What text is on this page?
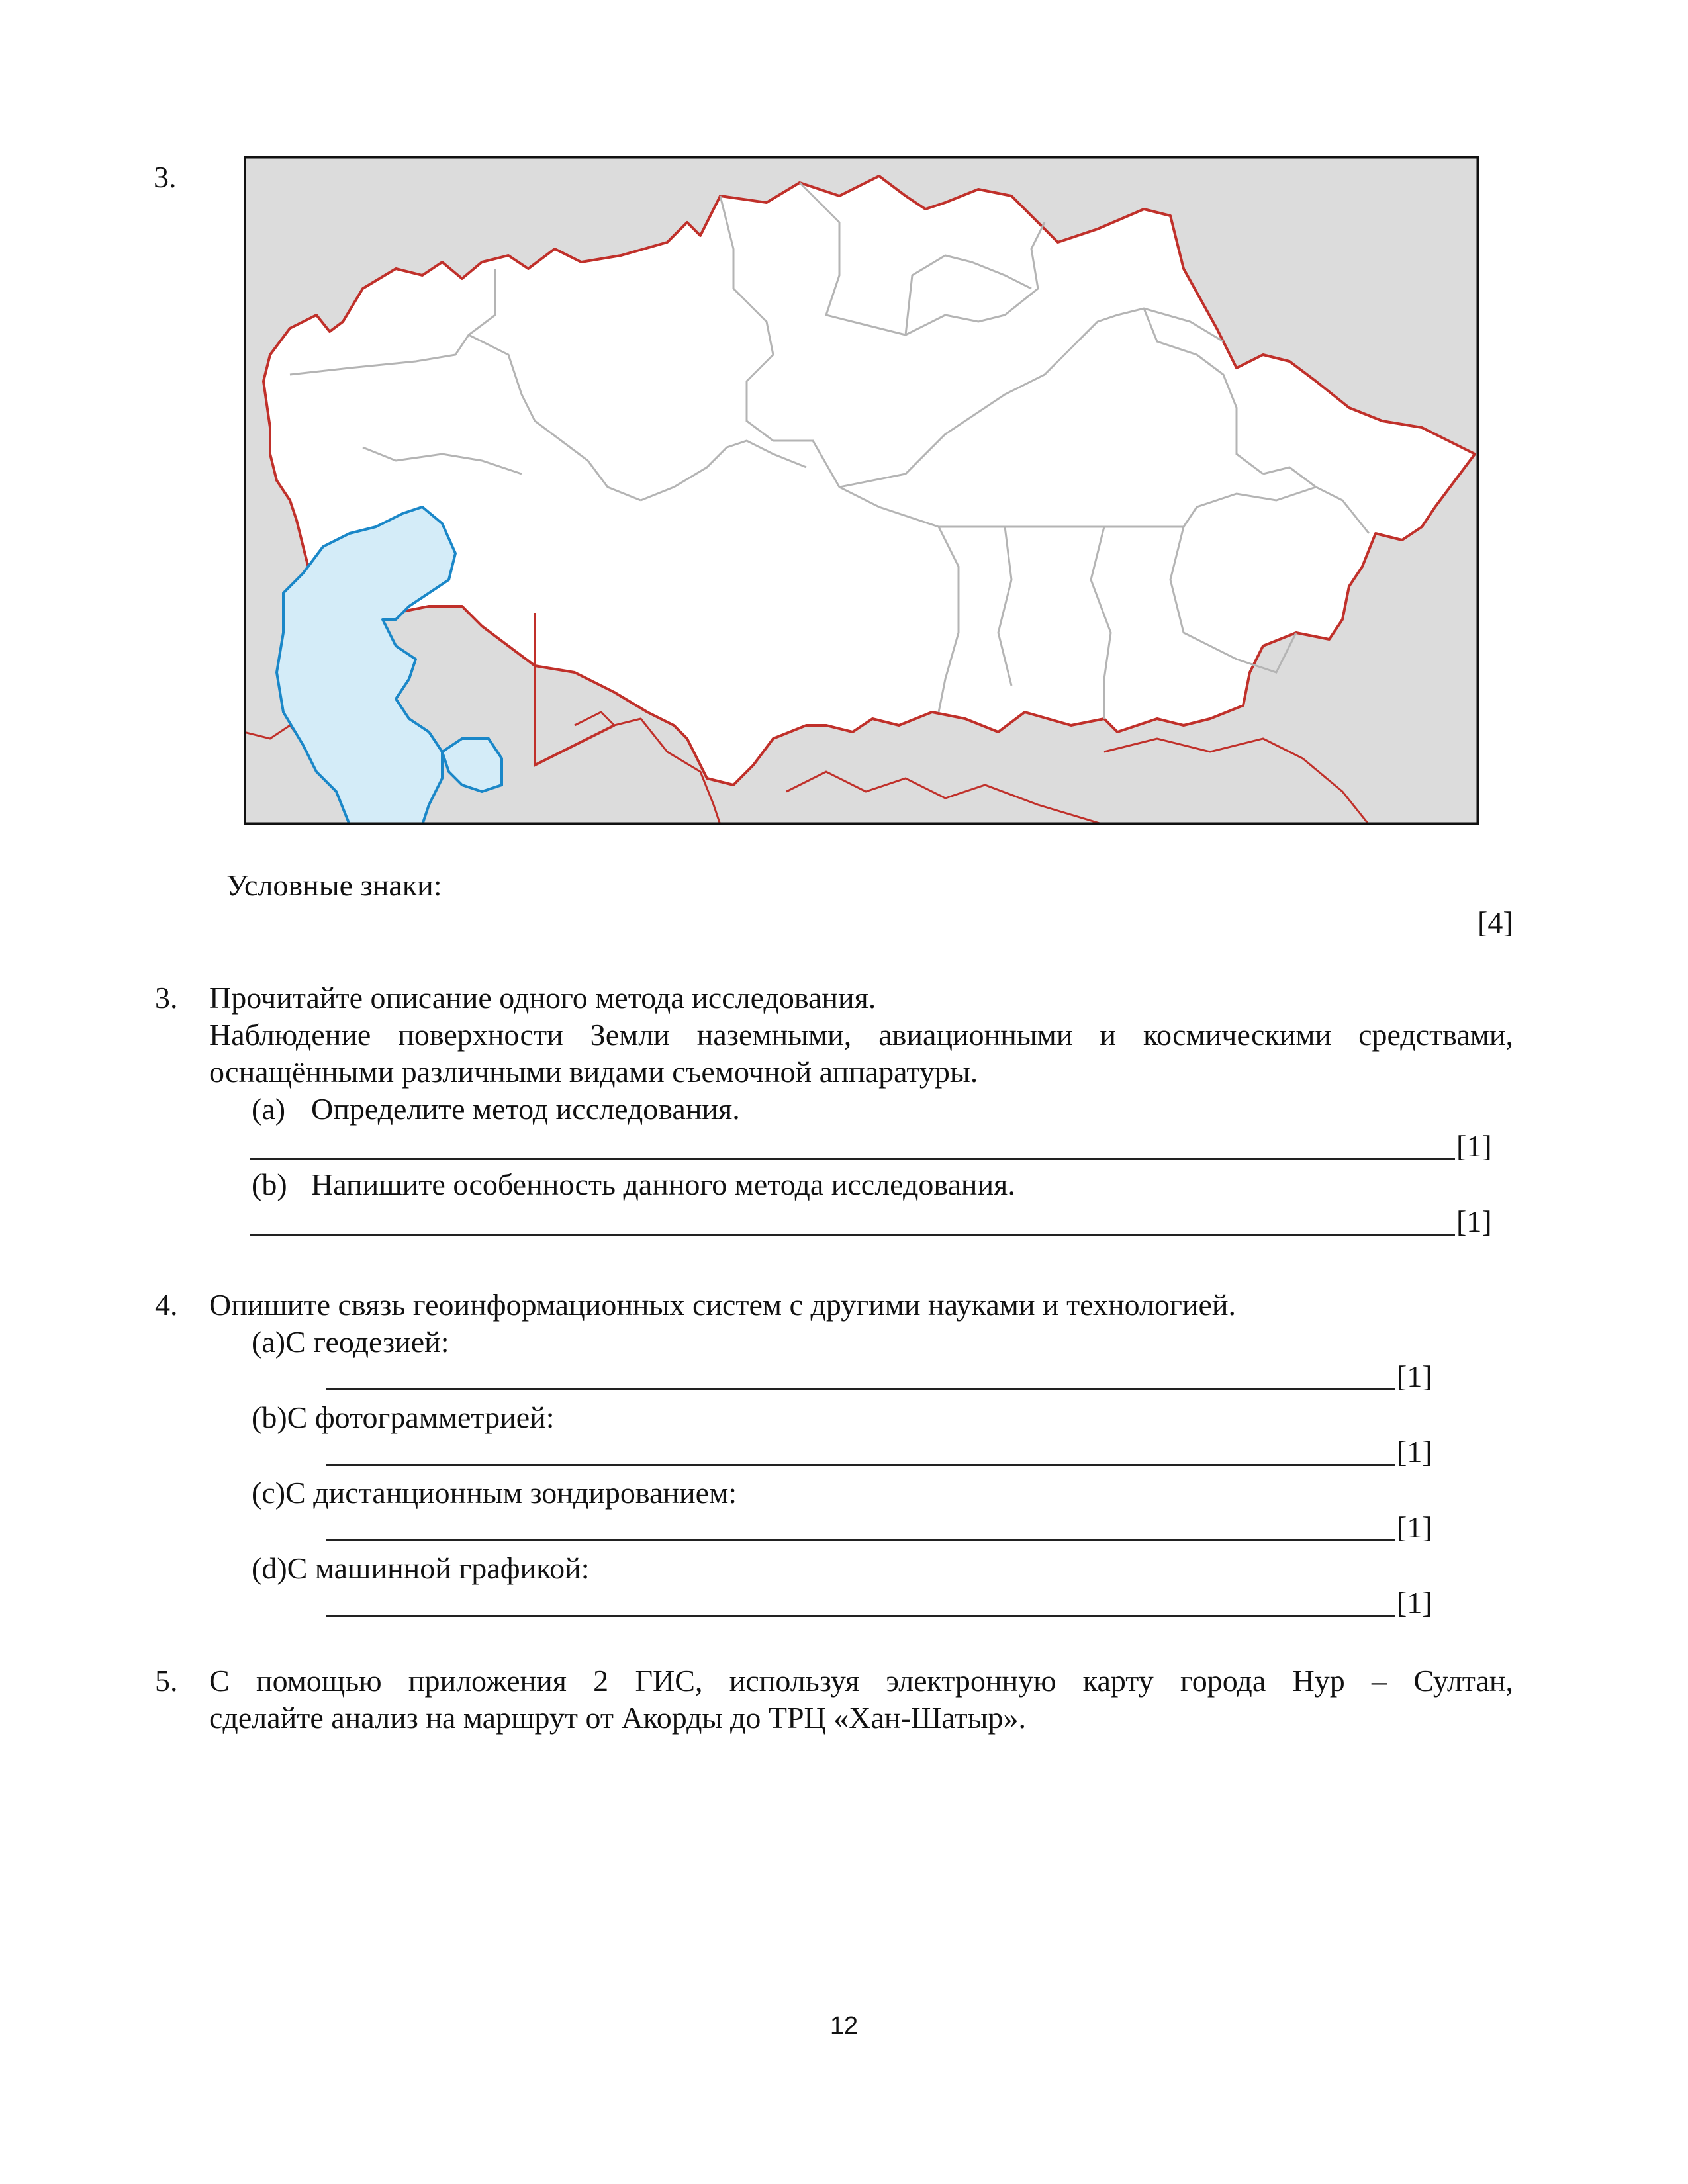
3.
Условные знаки:
[4]
3. Прочитайте описание одного метода исследования.
Наблюдение поверхности Земли наземными, авиационными и космическими средствами,
оснащёнными различными видами съемочной аппаратуры.
(a) Определите метод исследования.
[1]
(b) Напишите особенность данного метода исследования.
[1]
4. Опишите связь геоинформационных систем с другими науками и технологией.
(a)С геодезией:
[1]
(b)С фотограмметрией:
[1]
(c)С дистанционным зондированием:
[1]
(d)С машинной графикой:
[1]
5. С помощью приложения 2 ГИС, используя электронную карту города Нур – Султан,
сделайте анализ на маршрут от Акорды до ТРЦ «Хан-Шатыр».
12
